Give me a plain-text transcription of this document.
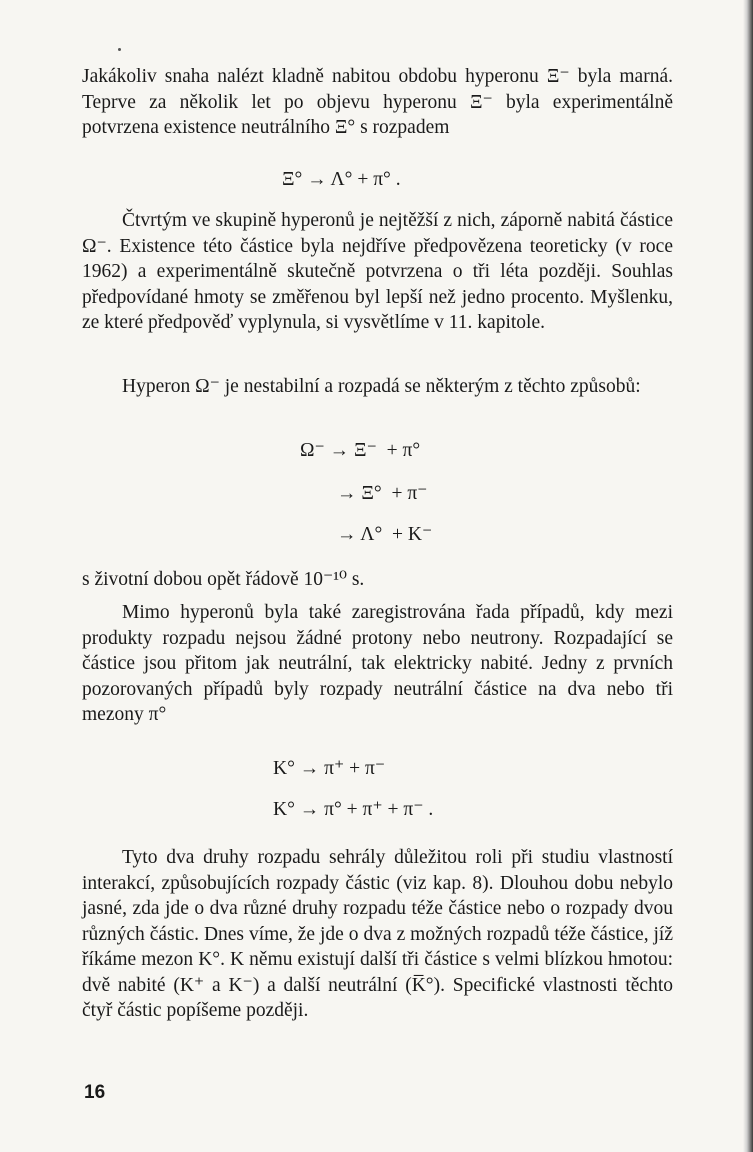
Jakákoliv snaha nalézt kladně nabitou obdobu hyperonu Ξ⁻ byla marná. Teprve za několik let po objevu hyperonu Ξ⁻ byla experimentálně potvrzena existence neutrálního Ξ° s rozpadem

Ξ° → Λ° + π° .

Čtvrtým ve skupině hyperonů je nejtěžší z nich, záporně nabitá částice Ω⁻. Existence této částice byla nejdříve předpovězena teoreticky (v roce 1962) a experimentálně skutečně potvrzena o tři léta později. Souhlas předpovídané hmoty se změřenou byl lepší než jedno procento. Myšlenku, ze které předpověď vyplynula, si vysvětlíme v 11. kapitole.

Hyperon Ω⁻ je nestabilní a rozpadá se některým z těchto způsobů:

Ω⁻ → Ξ⁻  + π°
→ Ξ°  + π⁻
→ Λ°  + K⁻

s životní dobou opět řádově 10⁻¹⁰ s.

Mimo hyperonů byla také zaregistrována řada případů, kdy mezi produkty rozpadu nejsou žádné protony nebo neutrony. Rozpadající se částice jsou přitom jak neutrální, tak elektricky nabité. Jedny z prvních pozorovaných případů byly rozpady neutrální částice na dva nebo tři mezony π°

K° → π⁺ + π⁻
K° → π° + π⁺ + π⁻ .

Tyto dva druhy rozpadu sehrály důležitou roli při studiu vlastností interakcí, způsobujících rozpady částic (viz kap. 8). Dlouhou dobu nebylo jasné, zda jde o dva různé druhy rozpadu téže částice nebo o rozpady dvou různých částic. Dnes víme, že jde o dva z možných rozpadů téže částice, jíž říkáme mezon K°. K němu existují další tři částice s velmi blízkou hmotou: dvě nabité (K⁺ a K⁻) a další neutrální (K̅°). Specifické vlastnosti těchto čtyř částic popíšeme později.

16
